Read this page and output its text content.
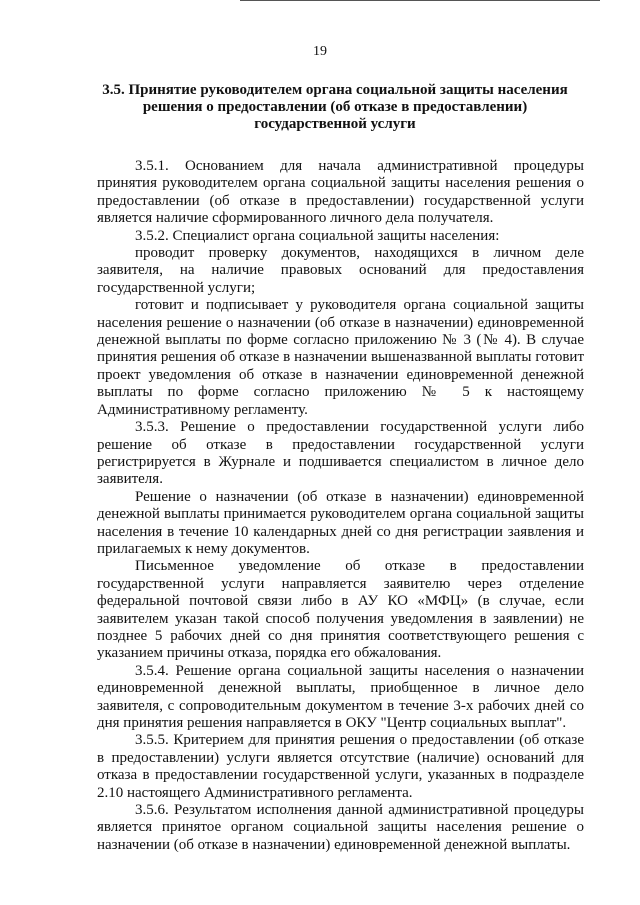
19
3.5. Принятие руководителем органа социальной защиты населения решения о предоставлении (об отказе в предоставлении) государственной услуги

3.5.1. Основанием для начала административной процедуры принятия руководителем органа социальной защиты населения решения о предоставлении (об отказе в предоставлении) государственной услуги является наличие сформированного личного дела получателя.

3.5.2. Специалист органа социальной защиты населения:

проводит проверку документов, находящихся в личном деле заявителя, на наличие правовых оснований для предоставления государственной услуги;

готовит и подписывает у руководителя органа социальной защиты населения решение о назначении (об отказе в назначении) единовременной денежной выплаты по форме согласно приложению № 3 (№ 4). В случае принятия решения об отказе в назначении вышеназванной выплаты готовит проект уведомления об отказе в назначении единовременной денежной выплаты по форме согласно приложению № 5 к настоящему Административному регламенту.

3.5.3. Решение о предоставлении государственной услуги либо решение об отказе в предоставлении государственной услуги регистрируется в Журнале и подшивается специалистом в личное дело заявителя.

Решение о назначении (об отказе в назначении) единовременной денежной выплаты принимается руководителем органа социальной защиты населения в течение 10 календарных дней со дня регистрации заявления и прилагаемых к нему документов.

Письменное уведомление об отказе в предоставлении государственной услуги направляется заявителю через отделение федеральной почтовой связи либо в АУ КО «МФЦ» (в случае, если заявителем указан такой способ получения уведомления в заявлении) не позднее 5 рабочих дней со дня принятия соответствующего решения с указанием причины отказа, порядка его обжалования.

3.5.4. Решение органа социальной защиты населения о назначении единовременной денежной выплаты, приобщенное в личное дело заявителя, с сопроводительным документом в течение 3-х рабочих дней со дня принятия решения направляется в ОКУ "Центр социальных выплат".

3.5.5. Критерием для принятия решения о предоставлении (об отказе в предоставлении) услуги является отсутствие (наличие) оснований для отказа в предоставлении государственной услуги, указанных в подразделе 2.10 настоящего Административного регламента.

3.5.6. Результатом исполнения данной административной процедуры является принятое органом социальной защиты населения решение о назначении (об отказе в назначении) единовременной денежной выплаты.
